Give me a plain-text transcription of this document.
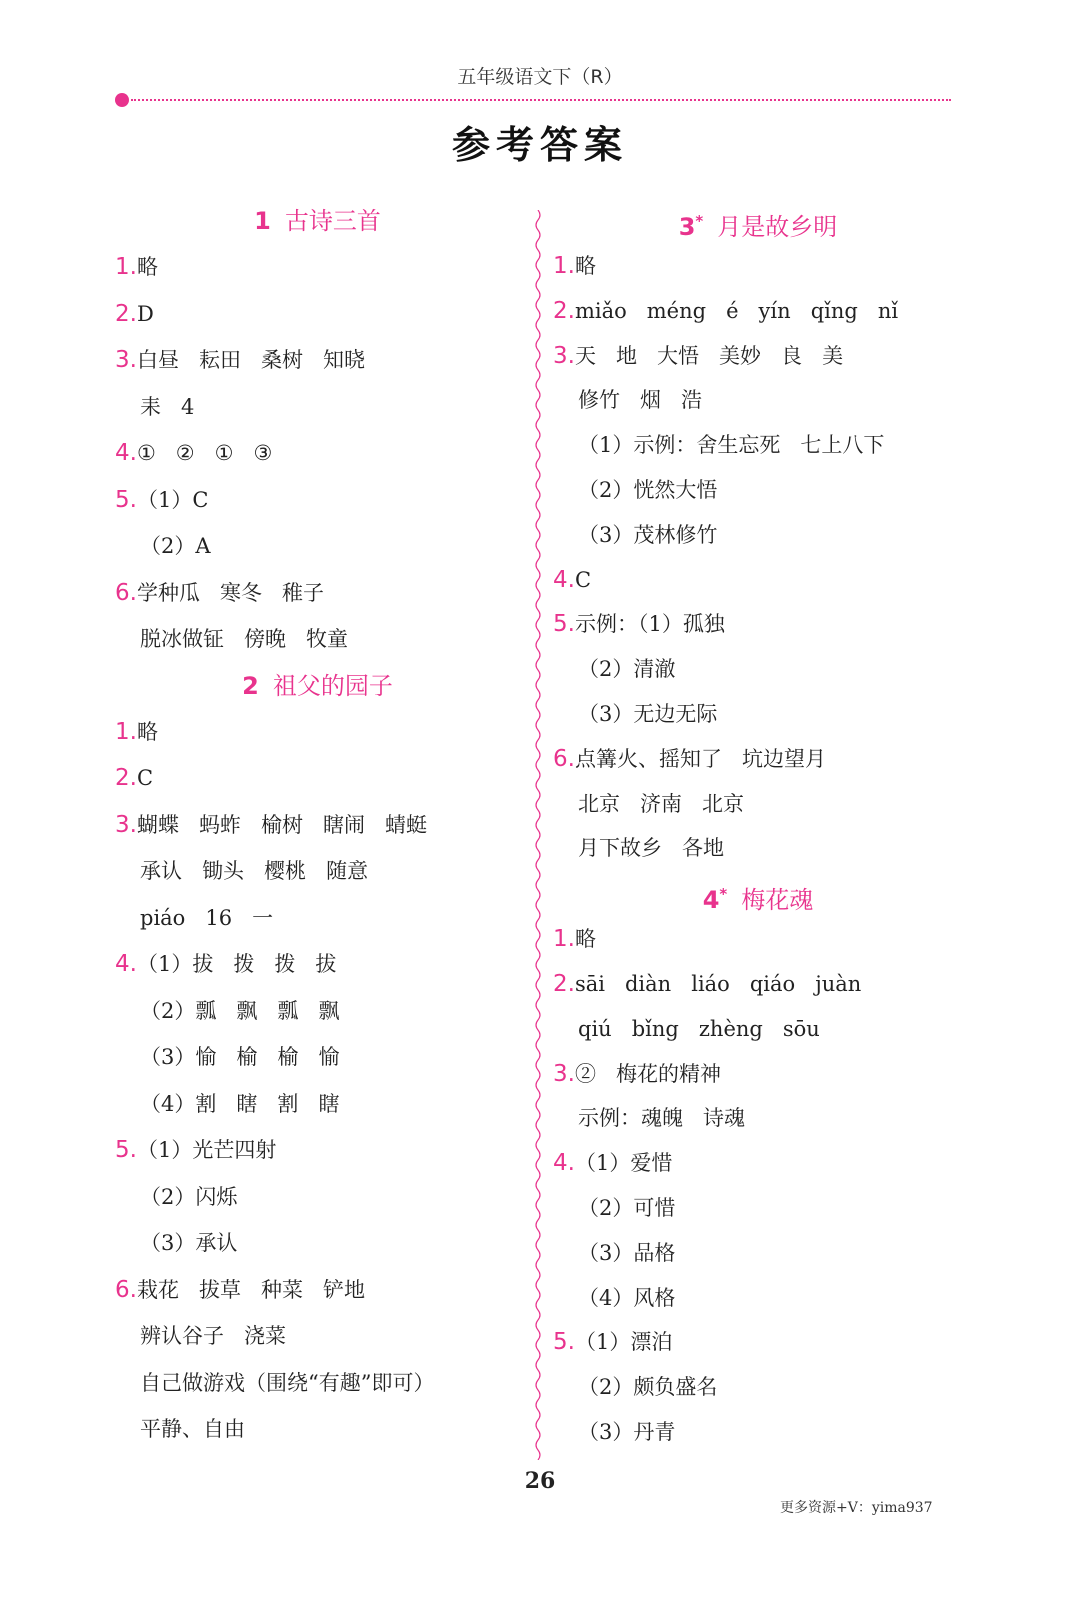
五年级语文下（R）
参考答案
1 古诗三首
1.略
2.D
3.白昼   耘田   桑树   知晓
耒   4
4.①   ②   ①   ③
5.（1）C
（2）A
6.学种瓜   寒冬   稚子
脱冰做钲   傍晚   牧童
2 祖父的园子
1.略
2.C
3.蝴蝶   蚂蚱   榆树   瞎闹   蜻蜓
承认   锄头   樱桃   随意
piáo   16   一
4.（1）拔   拨   拨   拔
（2）瓢   飘   瓢   飘
（3）愉   榆   榆   愉
（4）割   瞎   割   瞎
5.（1）光芒四射
（2）闪烁
（3）承认
6.栽花   拔草   种菜   铲地
辨认谷子   浇菜
自己做游戏（围绕“有趣”即可）
平静、自由
3* 月是故乡明
1.略
2.miǎo   méng   é   yín   qǐng   nǐ
3.天   地   大悟   美妙   良   美
修竹   烟   浩
（1）示例：舍生忘死   七上八下
（2）恍然大悟
（3）茂林修竹
4.C
5.示例：（1）孤独
（2）清澈
（3）无边无际
6.点篝火、摇知了   坑边望月
北京   济南   北京
月下故乡   各地
4* 梅花魂
1.略
2.sāi   diàn   liáo   qiáo   juàn
qiú   bǐng   zhèng   sōu
3.②   梅花的精神
示例：魂魄   诗魂
4.（1）爱惜
（2）可惜
（3）品格
（4）风格
5.（1）漂泊
（2）颇负盛名
（3）丹青
26
更多资源+V：yima937
